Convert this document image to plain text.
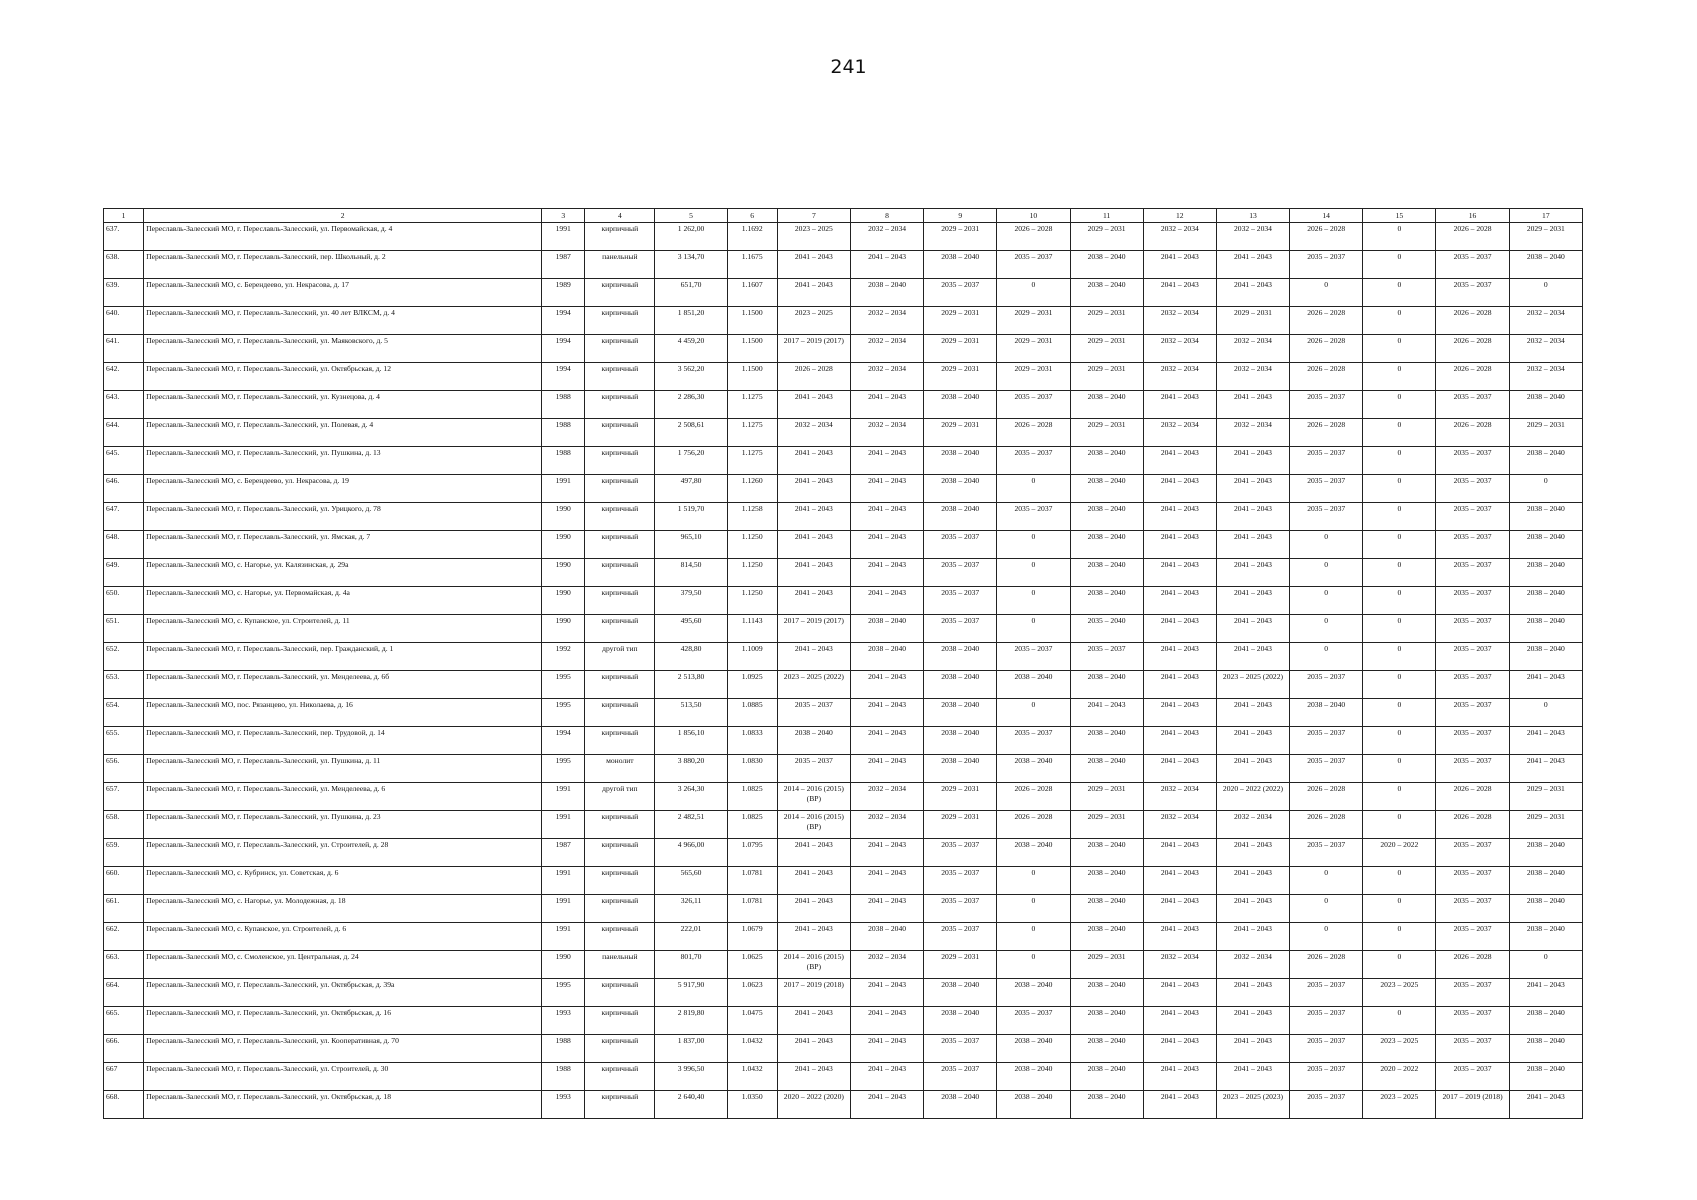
241
1	2	3	4	5	6	7	8	9	10	11	12	13	14	15	16	17
637.	Переславль-Залесский МО, г. Переславль-Залесский, ул. Первомайская, д. 4	1991	кирпичный	1 262,00	1.1692	2023 – 2025	2032 – 2034	2029 – 2031	2026 – 2028	2029 – 2031	2032 – 2034	2032 – 2034	2026 – 2028	0	2026 – 2028	2029 – 2031
638.	Переславль-Залесский МО, г. Переславль-Залесский, пер. Школьный, д. 2	1987	панельный	3 134,70	1.1675	2041 – 2043	2041 – 2043	2038 – 2040	2035 – 2037	2038 – 2040	2041 – 2043	2041 – 2043	2035 – 2037	0	2035 – 2037	2038 – 2040
639.	Переславль-Залесский МО, с. Берендеево, ул. Некрасова, д. 17	1989	кирпичный	651,70	1.1607	2041 – 2043	2038 – 2040	2035 – 2037	0	2038 – 2040	2041 – 2043	2041 – 2043	0	0	2035 – 2037	0
640.	Переславль-Залесский МО, г. Переславль-Залесский, ул. 40 лет ВЛКСМ, д. 4	1994	кирпичный	1 851,20	1.1500	2023 – 2025	2032 – 2034	2029 – 2031	2029 – 2031	2029 – 2031	2032 – 2034	2029 – 2031	2026 – 2028	0	2026 – 2028	2032 – 2034
641.	Переславль-Залесский МО, г. Переславль-Залесский, ул. Маяковского, д. 5	1994	кирпичный	4 459,20	1.1500	2017 – 2019 (2017)	2032 – 2034	2029 – 2031	2029 – 2031	2029 – 2031	2032 – 2034	2032 – 2034	2026 – 2028	0	2026 – 2028	2032 – 2034
642.	Переславль-Залесский МО, г. Переславль-Залесский, ул. Октябрьская, д. 12	1994	кирпичный	3 562,20	1.1500	2026 – 2028	2032 – 2034	2029 – 2031	2029 – 2031	2029 – 2031	2032 – 2034	2032 – 2034	2026 – 2028	0	2026 – 2028	2032 – 2034
643.	Переславль-Залесский МО, г. Переславль-Залесский, ул. Кузнецова, д. 4	1988	кирпичный	2 286,30	1.1275	2041 – 2043	2041 – 2043	2038 – 2040	2035 – 2037	2038 – 2040	2041 – 2043	2041 – 2043	2035 – 2037	0	2035 – 2037	2038 – 2040
644.	Переславль-Залесский МО, г. Переславль-Залесский, ул. Полевая, д. 4	1988	кирпичный	2 508,61	1.1275	2032 – 2034	2032 – 2034	2029 – 2031	2026 – 2028	2029 – 2031	2032 – 2034	2032 – 2034	2026 – 2028	0	2026 – 2028	2029 – 2031
645.	Переславль-Залесский МО, г. Переславль-Залесский, ул. Пушкина, д. 13	1988	кирпичный	1 756,20	1.1275	2041 – 2043	2041 – 2043	2038 – 2040	2035 – 2037	2038 – 2040	2041 – 2043	2041 – 2043	2035 – 2037	0	2035 – 2037	2038 – 2040
646.	Переславль-Залесский МО, с. Берендеево, ул. Некрасова, д. 19	1991	кирпичный	497,80	1.1260	2041 – 2043	2041 – 2043	2038 – 2040	0	2038 – 2040	2041 – 2043	2041 – 2043	2035 – 2037	0	2035 – 2037	0
647.	Переславль-Залесский МО, г. Переславль-Залесский, ул. Урицкого, д. 78	1990	кирпичный	1 519,70	1.1258	2041 – 2043	2041 – 2043	2038 – 2040	2035 – 2037	2038 – 2040	2041 – 2043	2041 – 2043	2035 – 2037	0	2035 – 2037	2038 – 2040
648.	Переславль-Залесский МО, г. Переславль-Залесский, ул. Ямская, д. 7	1990	кирпичный	965,10	1.1250	2041 – 2043	2041 – 2043	2035 – 2037	0	2038 – 2040	2041 – 2043	2041 – 2043	0	0	2035 – 2037	2038 – 2040
649.	Переславль-Залесский МО, с. Нагорье, ул. Калязинская, д. 29а	1990	кирпичный	814,50	1.1250	2041 – 2043	2041 – 2043	2035 – 2037	0	2038 – 2040	2041 – 2043	2041 – 2043	0	0	2035 – 2037	2038 – 2040
650.	Переславль-Залесский МО, с. Нагорье, ул. Первомайская, д. 4а	1990	кирпичный	379,50	1.1250	2041 – 2043	2041 – 2043	2035 – 2037	0	2038 – 2040	2041 – 2043	2041 – 2043	0	0	2035 – 2037	2038 – 2040
651.	Переславль-Залесский МО, с. Купанское, ул. Строителей, д. 11	1990	кирпичный	495,60	1.1143	2017 – 2019 (2017)	2038 – 2040	2035 – 2037	0	2035 – 2040	2041 – 2043	2041 – 2043	0	0	2035 – 2037	2038 – 2040
652.	Переславль-Залесский МО, г. Переславль-Залесский, пер. Гражданский, д. 1	1992	другой тип	428,80	1.1009	2041 – 2043	2038 – 2040	2038 – 2040	2035 – 2037	2035 – 2037	2041 – 2043	2041 – 2043	0	0	2035 – 2037	2038 – 2040
653.	Переславль-Залесский МО, г. Переславль-Залесский, ул. Менделеева, д. 6б	1995	кирпичный	2 513,80	1.0925	2023 – 2025 (2022)	2041 – 2043	2038 – 2040	2038 – 2040	2038 – 2040	2041 – 2043	2023 – 2025 (2022)	2035 – 2037	0	2035 – 2037	2041 – 2043
654.	Переславль-Залесский МО, пос. Рязанцево, ул. Николаева, д. 16	1995	кирпичный	513,50	1.0885	2035 – 2037	2041 – 2043	2038 – 2040	0	2041 – 2043	2041 – 2043	2041 – 2043	2038 – 2040	0	2035 – 2037	0
655.	Переславль-Залесский МО, г. Переславль-Залесский, пер. Трудовой, д. 14	1994	кирпичный	1 856,10	1.0833	2038 – 2040	2041 – 2043	2038 – 2040	2035 – 2037	2038 – 2040	2041 – 2043	2041 – 2043	2035 – 2037	0	2035 – 2037	2041 – 2043
656.	Переславль-Залесский МО, г. Переславль-Залесский, ул. Пушкина, д. 11	1995	монолит	3 880,20	1.0830	2035 – 2037	2041 – 2043	2038 – 2040	2038 – 2040	2038 – 2040	2041 – 2043	2041 – 2043	2035 – 2037	0	2035 – 2037	2041 – 2043
657.	Переславль-Залесский МО, г. Переславль-Залесский, ул. Менделеева, д. 6	1991	другой тип	3 264,30	1.0825	2014 – 2016 (2015) (ВР)	2032 – 2034	2029 – 2031	2026 – 2028	2029 – 2031	2032 – 2034	2020 – 2022 (2022)	2026 – 2028	0	2026 – 2028	2029 – 2031
658.	Переславль-Залесский МО, г. Переславль-Залесский, ул. Пушкина, д. 23	1991	кирпичный	2 482,51	1.0825	2014 – 2016 (2015) (ВР)	2032 – 2034	2029 – 2031	2026 – 2028	2029 – 2031	2032 – 2034	2032 – 2034	2026 – 2028	0	2026 – 2028	2029 – 2031
659.	Переславль-Залесский МО, г. Переславль-Залесский, ул. Строителей, д. 28	1987	кирпичный	4 966,00	1.0795	2041 – 2043	2041 – 2043	2035 – 2037	2038 – 2040	2038 – 2040	2041 – 2043	2041 – 2043	2035 – 2037	2020 – 2022	2035 – 2037	2038 – 2040
660.	Переславль-Залесский МО, с. Кубринск, ул. Советская, д. 6	1991	кирпичный	565,60	1.0781	2041 – 2043	2041 – 2043	2035 – 2037	0	2038 – 2040	2041 – 2043	2041 – 2043	0	0	2035 – 2037	2038 – 2040
661.	Переславль-Залесский МО, с. Нагорье, ул. Молодежная, д. 18	1991	кирпичный	326,11	1.0781	2041 – 2043	2041 – 2043	2035 – 2037	0	2038 – 2040	2041 – 2043	2041 – 2043	0	0	2035 – 2037	2038 – 2040
662.	Переславль-Залесский МО, с. Купанское, ул. Строителей, д. 6	1991	кирпичный	222,01	1.0679	2041 – 2043	2038 – 2040	2035 – 2037	0	2038 – 2040	2041 – 2043	2041 – 2043	0	0	2035 – 2037	2038 – 2040
663.	Переславль-Залесский МО, с. Смоленское, ул. Центральная, д. 24	1990	панельный	801,70	1.0625	2014 – 2016 (2015) (ВР)	2032 – 2034	2029 – 2031	0	2029 – 2031	2032 – 2034	2032 – 2034	2026 – 2028	0	2026 – 2028	0
664.	Переславль-Залесский МО, г. Переславль-Залесский, ул. Октябрьская, д. 39а	1995	кирпичный	5 917,90	1.0623	2017 – 2019 (2018)	2041 – 2043	2038 – 2040	2038 – 2040	2038 – 2040	2041 – 2043	2041 – 2043	2035 – 2037	2023 – 2025	2035 – 2037	2041 – 2043
665.	Переславль-Залесский МО, г. Переславль-Залесский, ул. Октябрьская, д. 16	1993	кирпичный	2 819,80	1.0475	2041 – 2043	2041 – 2043	2038 – 2040	2035 – 2037	2038 – 2040	2041 – 2043	2041 – 2043	2035 – 2037	0	2035 – 2037	2038 – 2040
666.	Переславль-Залесский МО, г. Переславль-Залесский, ул. Кооперативная, д. 70	1988	кирпичный	1 837,00	1.0432	2041 – 2043	2041 – 2043	2035 – 2037	2038 – 2040	2038 – 2040	2041 – 2043	2041 – 2043	2035 – 2037	2023 – 2025	2035 – 2037	2038 – 2040
667	Переславль-Залесский МО, г. Переславль-Залесский, ул. Строителей, д. 30	1988	кирпичный	3 996,50	1.0432	2041 – 2043	2041 – 2043	2035 – 2037	2038 – 2040	2038 – 2040	2041 – 2043	2041 – 2043	2035 – 2037	2020 – 2022	2035 – 2037	2038 – 2040
668.	Переславль-Залесский МО, г. Переславль-Залесский, ул. Октябрьская, д. 18	1993	кирпичный	2 640,40	1.0350	2020 – 2022 (2020)	2041 – 2043	2038 – 2040	2038 – 2040	2038 – 2040	2041 – 2043	2023 – 2025 (2023)	2035 – 2037	2023 – 2025	2017 – 2019 (2018)	2041 – 2043
